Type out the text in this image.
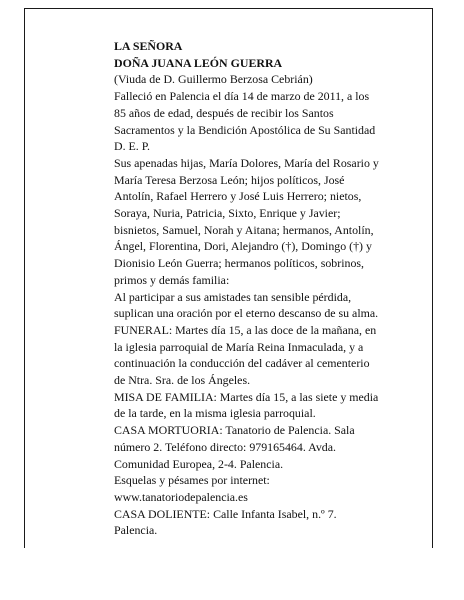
LA SEÑORA
DOÑA JUANA LEÓN GUERRA
(Viuda de D. Guillermo Berzosa Cebrián)
Falleció en Palencia el día 14 de marzo de 2011, a los
85 años de edad, después de recibir los Santos
Sacramentos y la Bendición Apostólica de Su Santidad
D. E. P.
Sus apenadas hijas, María Dolores, María del Rosario y
María Teresa Berzosa León; hijos políticos, José
Antolín, Rafael Herrero y José Luis Herrero; nietos,
Soraya, Nuria, Patricia, Sixto, Enrique y Javier;
bisnietos, Samuel, Norah y Aitana; hermanos, Antolín,
Ángel, Florentina, Dori, Alejandro (†), Domingo (†) y
Dionisio León Guerra; hermanos políticos, sobrinos,
primos y demás familia:
Al participar a sus amistades tan sensible pérdida,
suplican una oración por el eterno descanso de su alma.
FUNERAL: Martes día 15, a las doce de la mañana, en
la iglesia parroquial de María Reina Inmaculada, y a
continuación la conducción del cadáver al cementerio
de Ntra. Sra. de los Ángeles.
MISA DE FAMILIA: Martes día 15, a las siete y media
de la tarde, en la misma iglesia parroquial.
CASA MORTUORIA: Tanatorio de Palencia. Sala
número 2. Teléfono directo: 979165464. Avda.
Comunidad Europea, 2-4. Palencia.
Esquelas y pésames por internet:
www.tanatoriodepalencia.es
CASA DOLIENTE: Calle Infanta Isabel, n.º 7.
Palencia.
